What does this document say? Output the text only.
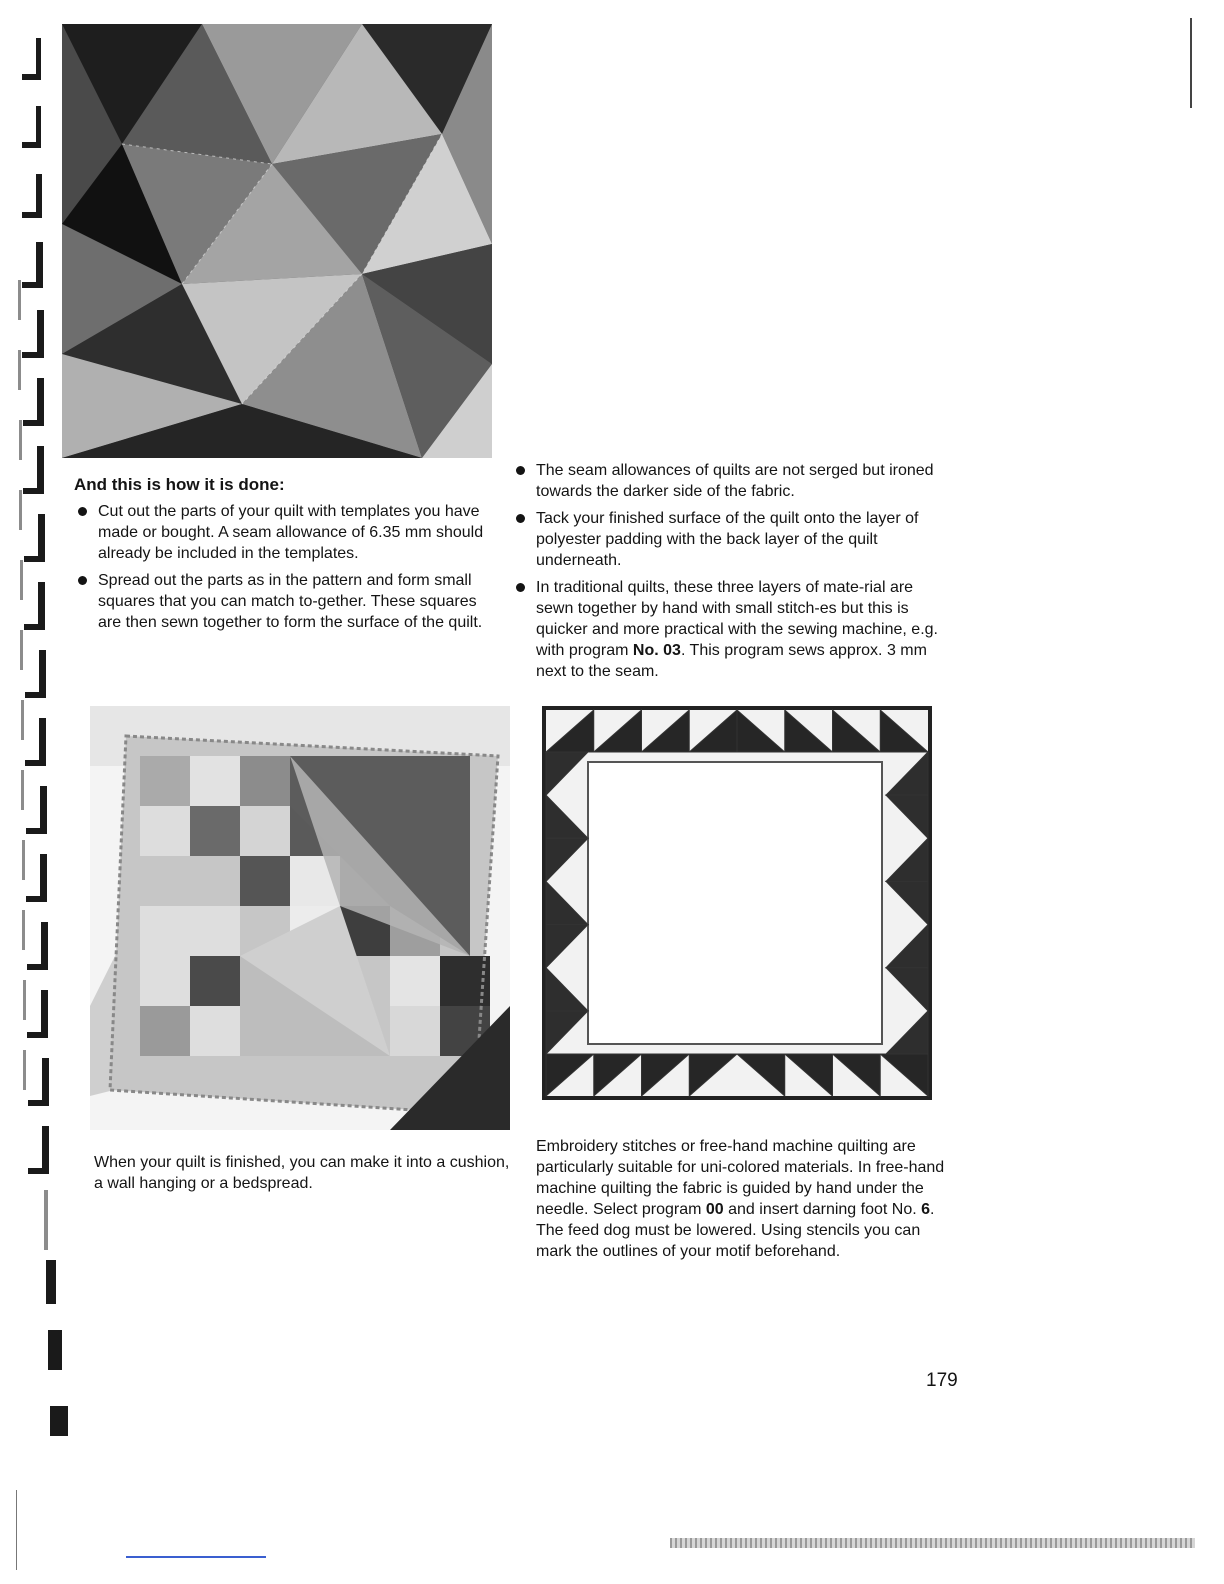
And this is how it is done:
Cut out the parts of your quilt with templates you have made or bought. A seam allowance of 6.35 mm should already be included in the templates.
Spread out the parts as in the pattern and form small squares that you can match to-gether. These squares are then sewn together to form the surface of the quilt.
The seam allowances of quilts are not serged but ironed towards the darker side of the fabric.
Tack your finished surface of the quilt onto the layer of polyester padding with the back layer of the quilt underneath.
In traditional quilts, these three layers of mate-rial are sewn together by hand with small stitch-es but this is quicker and more practical with the sewing machine, e.g. with program No. 03. This program sews approx. 3 mm next to the seam.
When your quilt is finished, you can make it into a cushion, a wall hanging or a bedspread.
Embroidery stitches or free-hand machine quilting are particularly suitable for uni-colored materials. In free-hand machine quilting the fabric is guided by hand under the needle. Select program 00 and insert darning foot No. 6. The feed dog must be lowered. Using stencils you can mark the outlines of your motif beforehand.
179
